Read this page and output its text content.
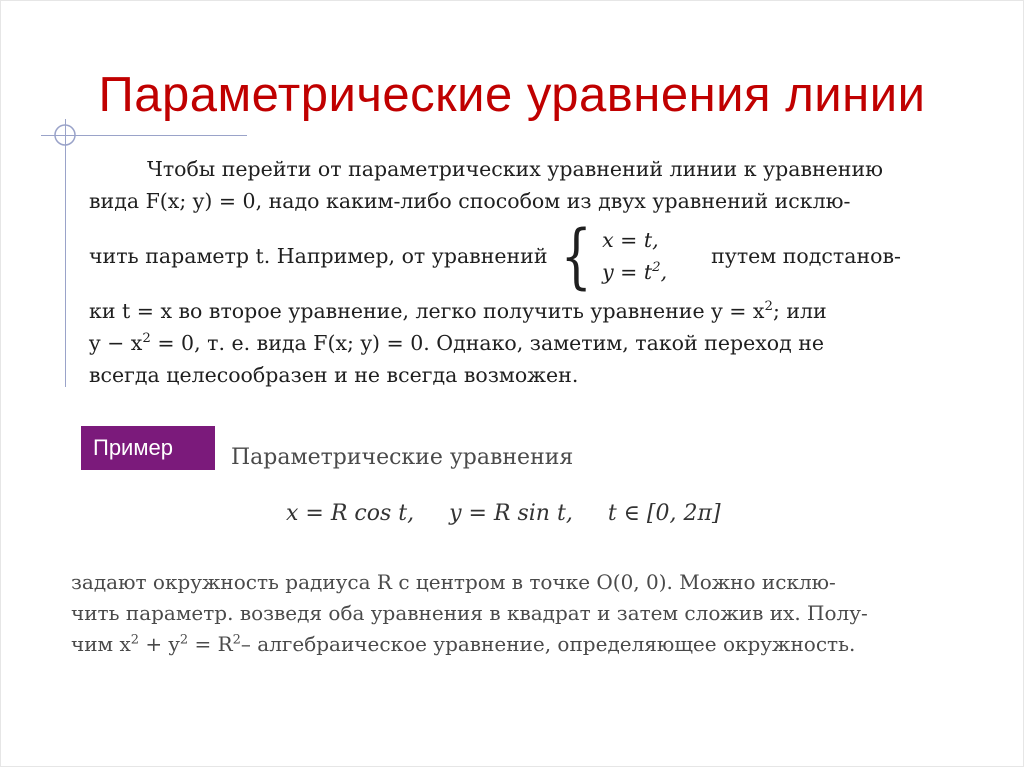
Параметрические уравнения линии
Чтобы перейти от параметрических уравнений линии к уравнению
вида F(x; y) = 0, надо каким-либо способом из двух уравнений исклю-
чить параметр t. Например, от уравнений { x = t,
$y = t^2$,
путем подстанов-
ки t = x во второе уравнение, легко получить уравнение $y = x^2$; или
$y - x^2 = 0$, т. е. вида F(x; y) = 0. Однако, заметим, такой переход не
всегда целесообразен и не всегда возможен.
Пример	Параметрические уравнения
x = R cos t, y = R sin t, t ∈ [0, 2π]
задают окружность радиуса R с центром в точке O(0, 0). Можно исклю-
чить параметр. возведя оба уравнения в квадрат и затем сложив их. Полу-
чим $x^2 + y^2 = R^2-$ алгебраическое уравнение, определяющее окружность.
